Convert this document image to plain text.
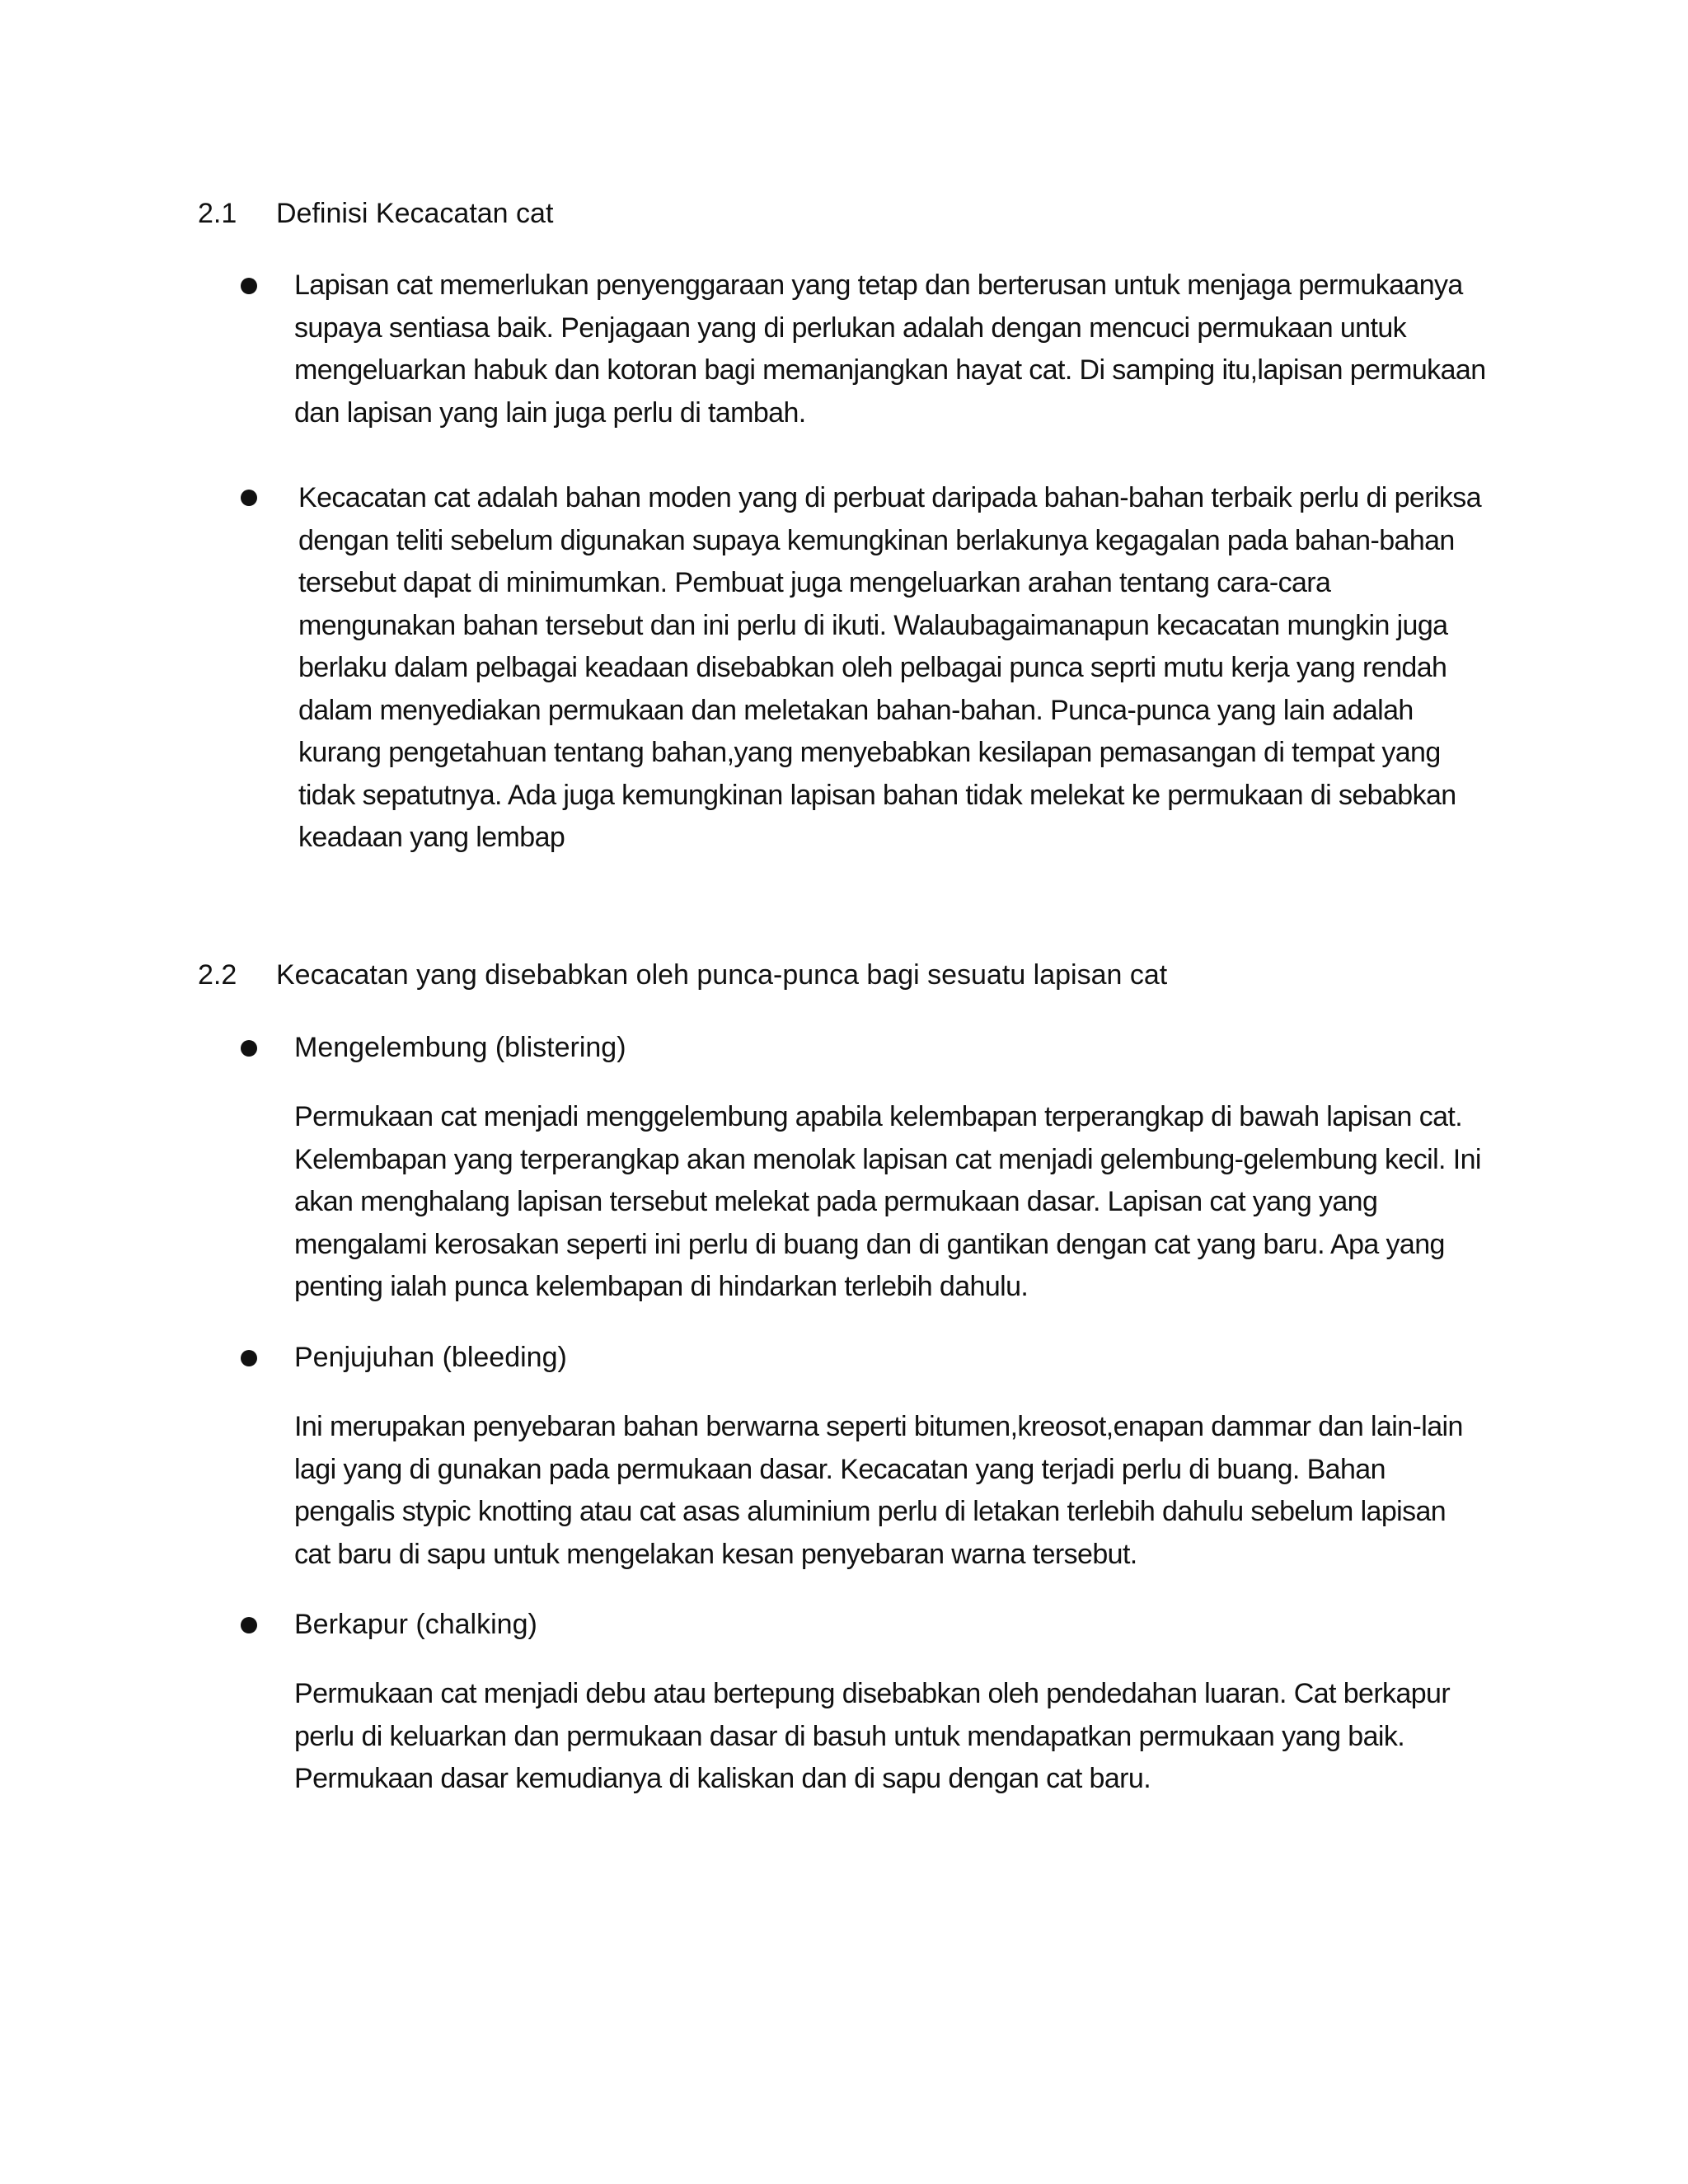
2.1 Definisi Kecacatan cat
Lapisan cat memerlukan penyenggaraan yang tetap dan berterusan untuk menjaga permukaanya supaya sentiasa baik. Penjagaan yang di perlukan adalah dengan mencuci permukaan untuk mengeluarkan habuk dan kotoran bagi memanjangkan hayat cat. Di samping itu,lapisan permukaan dan lapisan yang lain juga perlu di tambah.
Kecacatan cat adalah bahan moden yang di perbuat daripada bahan-bahan terbaik perlu di periksa dengan teliti sebelum digunakan supaya kemungkinan berlakunya kegagalan pada bahan-bahan tersebut dapat di minimumkan. Pembuat juga mengeluarkan arahan tentang cara-cara mengunakan bahan tersebut dan ini perlu di ikuti. Walaubagaimanapun kecacatan mungkin juga berlaku dalam pelbagai keadaan disebabkan oleh pelbagai punca seprti mutu kerja yang rendah dalam menyediakan permukaan dan meletakan bahan-bahan. Punca-punca yang lain adalah kurang pengetahuan tentang bahan,yang menyebabkan kesilapan pemasangan di tempat yang tidak sepatutnya. Ada juga kemungkinan lapisan bahan tidak melekat ke permukaan di sebabkan keadaan yang lembap
2.2 Kecacatan yang disebabkan oleh punca-punca bagi sesuatu lapisan cat
Mengelembung (blistering)
Permukaan cat menjadi menggelembung apabila kelembapan terperangkap di bawah lapisan cat. Kelembapan yang terperangkap akan menolak lapisan cat menjadi gelembung-gelembung kecil. Ini akan menghalang lapisan tersebut melekat pada permukaan dasar. Lapisan cat yang yang mengalami kerosakan seperti ini perlu di buang dan di gantikan dengan cat yang baru. Apa yang penting ialah punca kelembapan di hindarkan terlebih dahulu.
Penjujuhan (bleeding)
Ini merupakan penyebaran bahan berwarna seperti bitumen,kreosot,enapan dammar dan lain-lain lagi yang di gunakan pada permukaan dasar. Kecacatan yang terjadi perlu di buang. Bahan pengalis stypic knotting atau cat asas aluminium perlu di letakan terlebih dahulu sebelum lapisan cat baru di sapu untuk mengelakan kesan penyebaran warna tersebut.
Berkapur (chalking)
Permukaan cat menjadi debu atau bertepung disebabkan oleh pendedahan luaran. Cat berkapur perlu di keluarkan dan permukaan dasar di basuh untuk mendapatkan permukaan yang baik. Permukaan dasar kemudianya di kaliskan dan di sapu dengan cat baru.
